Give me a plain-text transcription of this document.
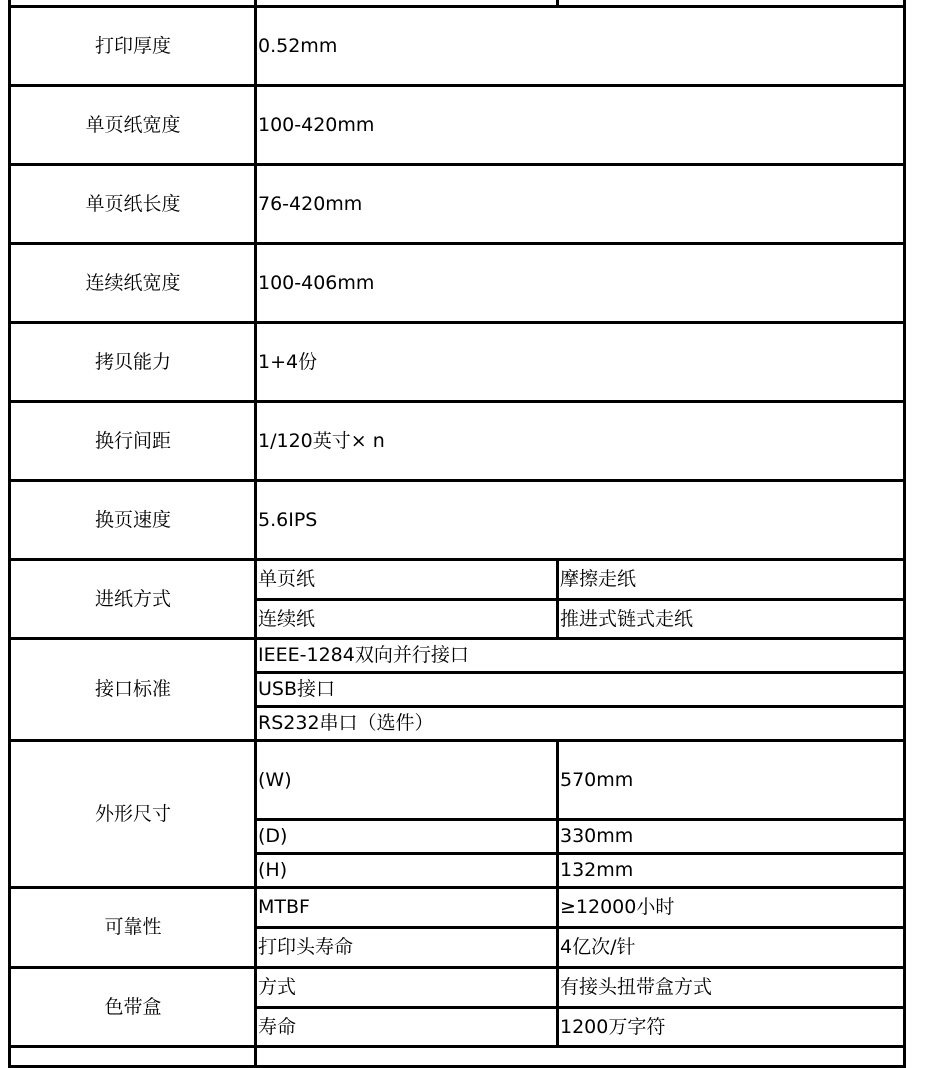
打印厚度	0.52mm	
单页纸宽度	100-420mm	
单页纸长度	76-420mm	
连续纸宽度	100-406mm	
拷贝能力	1+4份	
换行间距	1/120英寸× n	
换页速度	5.6IPS	
进纸方式	单页纸	摩擦走纸
	连续纸	推进式链式走纸
接口标准	IEEE-1284双向并行接口	
	USB接口	
	RS232串口（选件）	
外形尺寸	(W)	570mm
	(D)	330mm
	(H)	132mm
可靠性	MTBF	≥12000小时
	打印头寿命	4亿次/针
色带盒	方式	有接头扭带盒方式
	寿命	1200万字符
